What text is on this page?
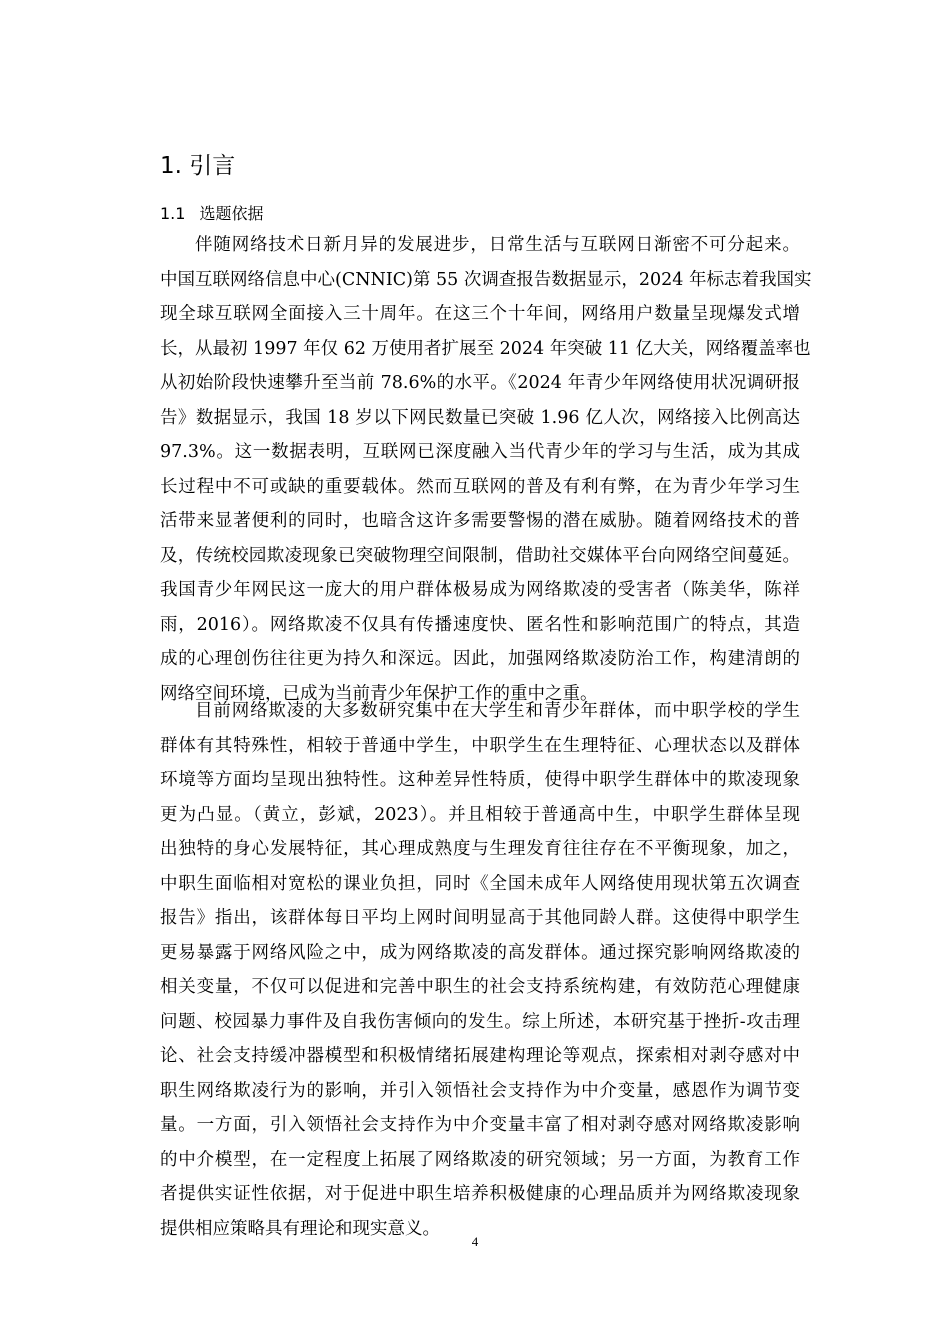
1. 引言
1.1 选题依据
伴随网络技术日新月异的发展进步，日常生活与互联网日渐密不可分起来。
中国互联网络信息中心(CNNIC)第 55 次调查报告数据显示，2024 年标志着我国实
现全球互联网全面接入三十周年。在这三个十年间，网络用户数量呈现爆发式增
长，从最初 1997 年仅 62 万使用者扩展至 2024 年突破 11 亿大关，网络覆盖率也
从初始阶段快速攀升至当前 78.6%的水平。《2024 年青少年网络使用状况调研报
告》数据显示，我国 18 岁以下网民数量已突破 1.96 亿人次，网络接入比例高达
97.3%。这一数据表明，互联网已深度融入当代青少年的学习与生活，成为其成
长过程中不可或缺的重要载体。然而互联网的普及有利有弊，在为青少年学习生
活带来显著便利的同时，也暗含这许多需要警惕的潜在威胁。随着网络技术的普
及，传统校园欺凌现象已突破物理空间限制，借助社交媒体平台向网络空间蔓延。
我国青少年网民这一庞大的用户群体极易成为网络欺凌的受害者（陈美华，陈祥
雨，2016）。网络欺凌不仅具有传播速度快、匿名性和影响范围广的特点，其造
成的心理创伤往往更为持久和深远。因此，加强网络欺凌防治工作，构建清朗的
网络空间环境，已成为当前青少年保护工作的重中之重。
目前网络欺凌的大多数研究集中在大学生和青少年群体，而中职学校的学生
群体有其特殊性，相较于普通中学生，中职学生在生理特征、心理状态以及群体
环境等方面均呈现出独特性。这种差异性特质，使得中职学生群体中的欺凌现象
更为凸显。（黄立，彭斌，2023）。并且相较于普通高中生，中职学生群体呈现
出独特的身心发展特征，其心理成熟度与生理发育往往存在不平衡现象，加之，
中职生面临相对宽松的课业负担，同时《全国未成年人网络使用现状第五次调查
报告》指出，该群体每日平均上网时间明显高于其他同龄人群。这使得中职学生
更易暴露于网络风险之中，成为网络欺凌的高发群体。通过探究影响网络欺凌的
相关变量，不仅可以促进和完善中职生的社会支持系统构建，有效防范心理健康
问题、校园暴力事件及自我伤害倾向的发生。综上所述，本研究基于挫折-攻击理
论、社会支持缓冲器模型和积极情绪拓展建构理论等观点，探索相对剥夺感对中
职生网络欺凌行为的影响，并引入领悟社会支持作为中介变量，感恩作为调节变
量。一方面，引入领悟社会支持作为中介变量丰富了相对剥夺感对网络欺凌影响
的中介模型，在一定程度上拓展了网络欺凌的研究领域；另一方面，为教育工作
者提供实证性依据，对于促进中职生培养积极健康的心理品质并为网络欺凌现象
提供相应策略具有理论和现实意义。
4
